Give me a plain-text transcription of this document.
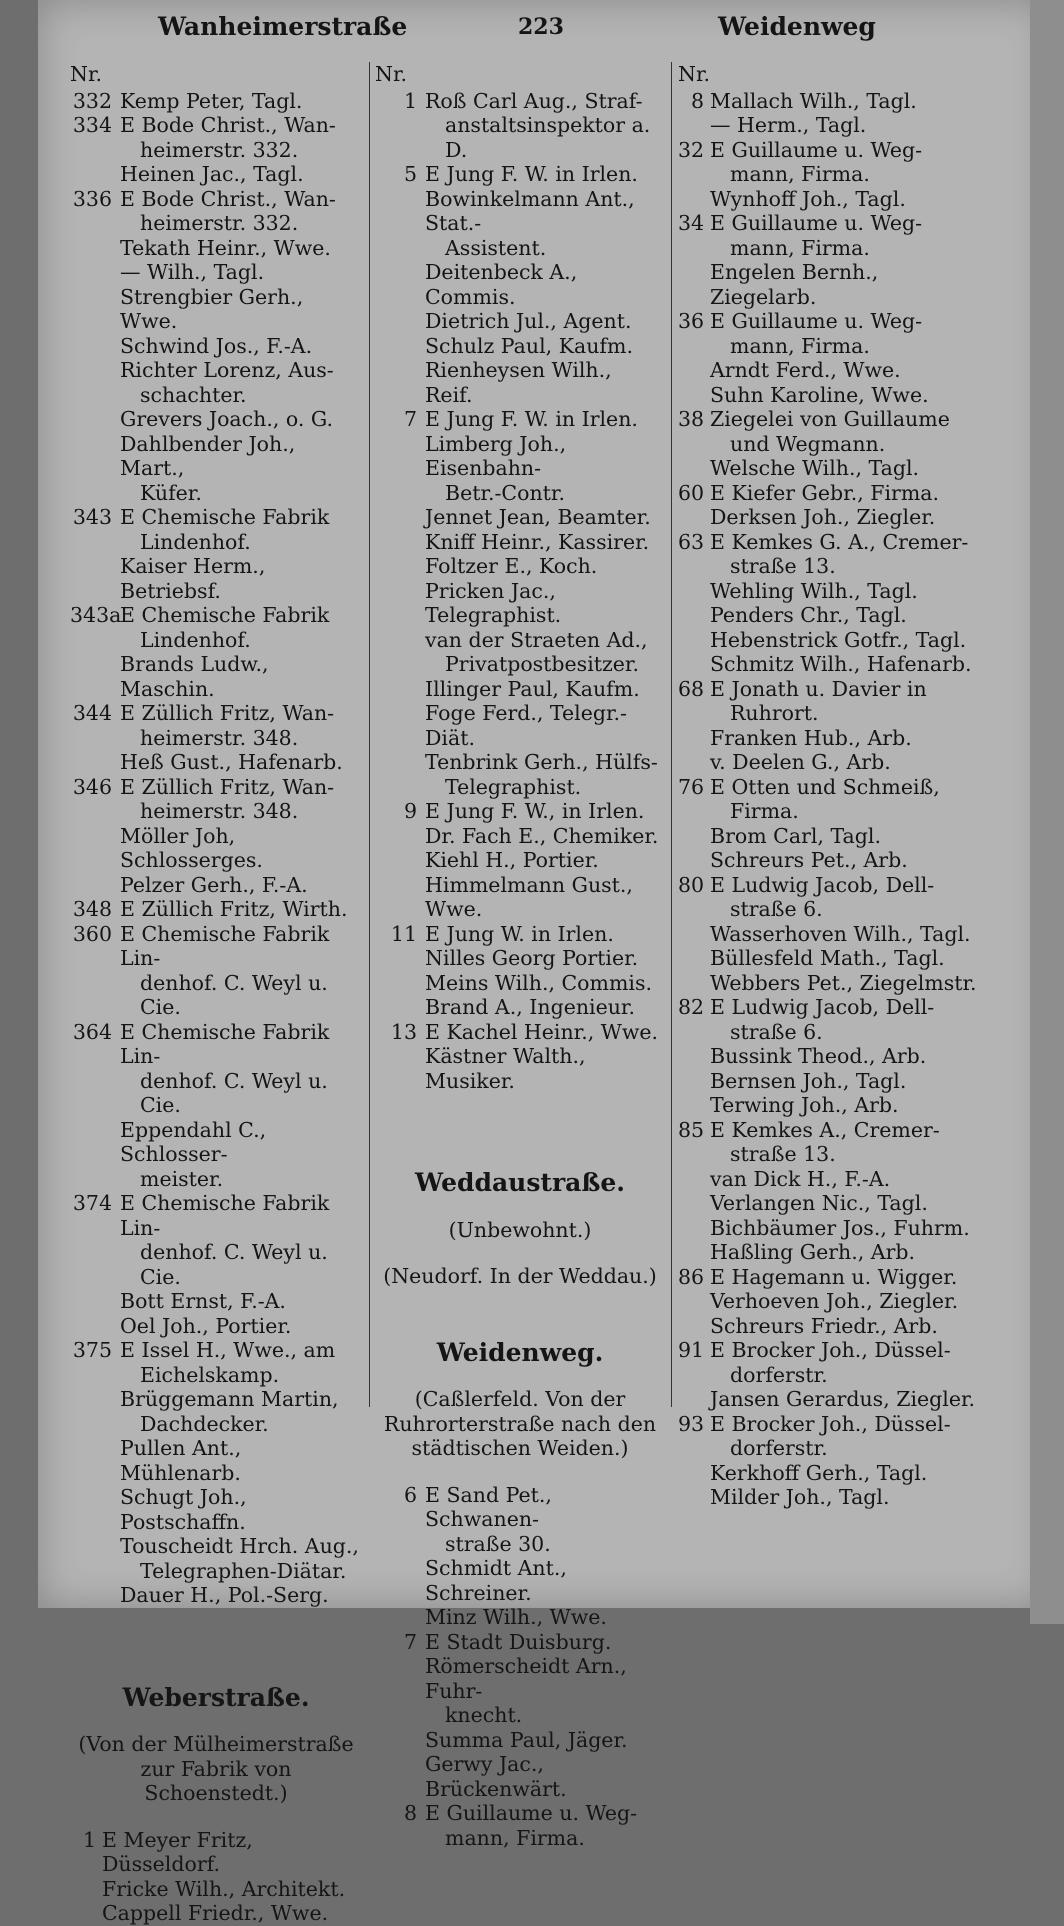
Wanheimerstraße	223	Weidenweg
Nr.
332 Kemp Peter, Tagl.
334 E Bode Christ., Wan-
heimerstr. 332.
Heinen Jac., Tagl.
336 E Bode Christ., Wan-
heimerstr. 332.
Tekath Heinr., Wwe.
— Wilh., Tagl.
Strengbier Gerh., Wwe.
Schwind Jos., F.-A.
Richter Lorenz, Aus-
schachter.
Grevers Joach., o. G.
Dahlbender Joh., Mart.,
Küfer.
343 E Chemische Fabrik
Lindenhof.
Kaiser Herm., Betriebsf.
343a
E Chemische Fabrik
Lindenhof.
Brands Ludw., Maschin.
344 E Züllich Fritz, Wan-
heimerstr. 348.
Heß Gust., Hafenarb.
346 E Züllich Fritz, Wan-
heimerstr. 348.
Möller Joh, Schlosserges.
Pelzer Gerh., F.-A.
348 E Züllich Fritz, Wirth.
360 E Chemische Fabrik Lin-
denhof. C. Weyl u. Cie.
364 E Chemische Fabrik Lin-
denhof. C. Weyl u. Cie.
Eppendahl C., Schlosser-
meister.
374 E Chemische Fabrik Lin-
denhof. C. Weyl u. Cie.
Bott Ernst, F.-A.
Oel Joh., Portier.
375 E Issel H., Wwe., am
Eichelskamp.
Brüggemann Martin,
Dachdecker.
Pullen Ant., Mühlenarb.
Schugt Joh., Postschaffn.
Touscheidt Hrch. Aug.,
Telegraphen-Diätar.
Dauer H., Pol.-Serg.
Weberstraße.
(Von der Mülheimerstraße zur Fabrik von Schoenstedt.)
1 E Meyer Fritz, Düsseldorf.
Fricke Wilh., Architekt.
Cappell Friedr., Wwe.
Nr.
1 Roß Carl Aug., Straf-
anstaltsinspektor a. D.
5 E Jung F. W. in Irlen.
Bowinkelmann Ant., Stat.-
Assistent.
Deitenbeck A., Commis.
Dietrich Jul., Agent.
Schulz Paul, Kaufm.
Rienheysen Wilh., Reif.
7 E Jung F. W. in Irlen.
Limberg Joh., Eisenbahn-
Betr.-Contr.
Jennet Jean, Beamter.
Kniff Heinr., Kassirer.
Foltzer E., Koch.
Pricken Jac., Telegraphist.
van der Straeten Ad.,
Privatpostbesitzer.
Illinger Paul, Kaufm.
Foge Ferd., Telegr.-Diät.
Tenbrink Gerh., Hülfs-
Telegraphist.
9 E Jung F. W., in Irlen.
Dr. Fach E., Chemiker.
Kiehl H., Portier.
Himmelmann Gust., Wwe.
11 E Jung W. in Irlen.
Nilles Georg Portier.
Meins Wilh., Commis.
Brand A., Ingenieur.
13 E Kachel Heinr., Wwe.
Kästner Walth., Musiker.
Weddaustraße.
(Unbewohnt.)
(Neudorf. In der Weddau.)
Weidenweg.
(Caßlerfeld. Von der Ruhrorterstraße nach den städtischen Weiden.)
6 E Sand Pet., Schwanen-
straße 30.
Schmidt Ant., Schreiner.
Minz Wilh., Wwe.
7 E Stadt Duisburg.
Römerscheidt Arn., Fuhr-
knecht.
Summa Paul, Jäger.
Gerwy Jac., Brückenwärt.
8 E Guillaume u. Weg-
mann, Firma.
Nr.
8 Mallach Wilh., Tagl.
— Herm., Tagl.
32 E Guillaume u. Weg-
mann, Firma.
Wynhoff Joh., Tagl.
34 E Guillaume u. Weg-
mann, Firma.
Engelen Bernh., Ziegelarb.
36 E Guillaume u. Weg-
mann, Firma.
Arndt Ferd., Wwe.
Suhn Karoline, Wwe.
38 Ziegelei von Guillaume
und Wegmann.
Welsche Wilh., Tagl.
60 E Kiefer Gebr., Firma.
Derksen Joh., Ziegler.
63 E Kemkes G. A., Cremer-
straße 13.
Wehling Wilh., Tagl.
Penders Chr., Tagl.
Hebenstrick Gotfr., Tagl.
Schmitz Wilh., Hafenarb.
68 E Jonath u. Davier in
Ruhrort.
Franken Hub., Arb.
v. Deelen G., Arb.
76 E Otten und Schmeiß,
Firma.
Brom Carl, Tagl.
Schreurs Pet., Arb.
80 E Ludwig Jacob, Dell-
straße 6.
Wasserhoven Wilh., Tagl.
Büllesfeld Math., Tagl.
Webbers Pet., Ziegelmstr.
82 E Ludwig Jacob, Dell-
straße 6.
Bussink Theod., Arb.
Bernsen Joh., Tagl.
Terwing Joh., Arb.
85 E Kemkes A., Cremer-
straße 13.
van Dick H., F.-A.
Verlangen Nic., Tagl.
Bichbäumer Jos., Fuhrm.
Haßling Gerh., Arb.
86 E Hagemann u. Wigger.
Verhoeven Joh., Ziegler.
Schreurs Friedr., Arb.
91 E Brocker Joh., Düssel-
dorferstr.
Jansen Gerardus, Ziegler.
93 E Brocker Joh., Düssel-
dorferstr.
Kerkhoff Gerh., Tagl.
Milder Joh., Tagl.
